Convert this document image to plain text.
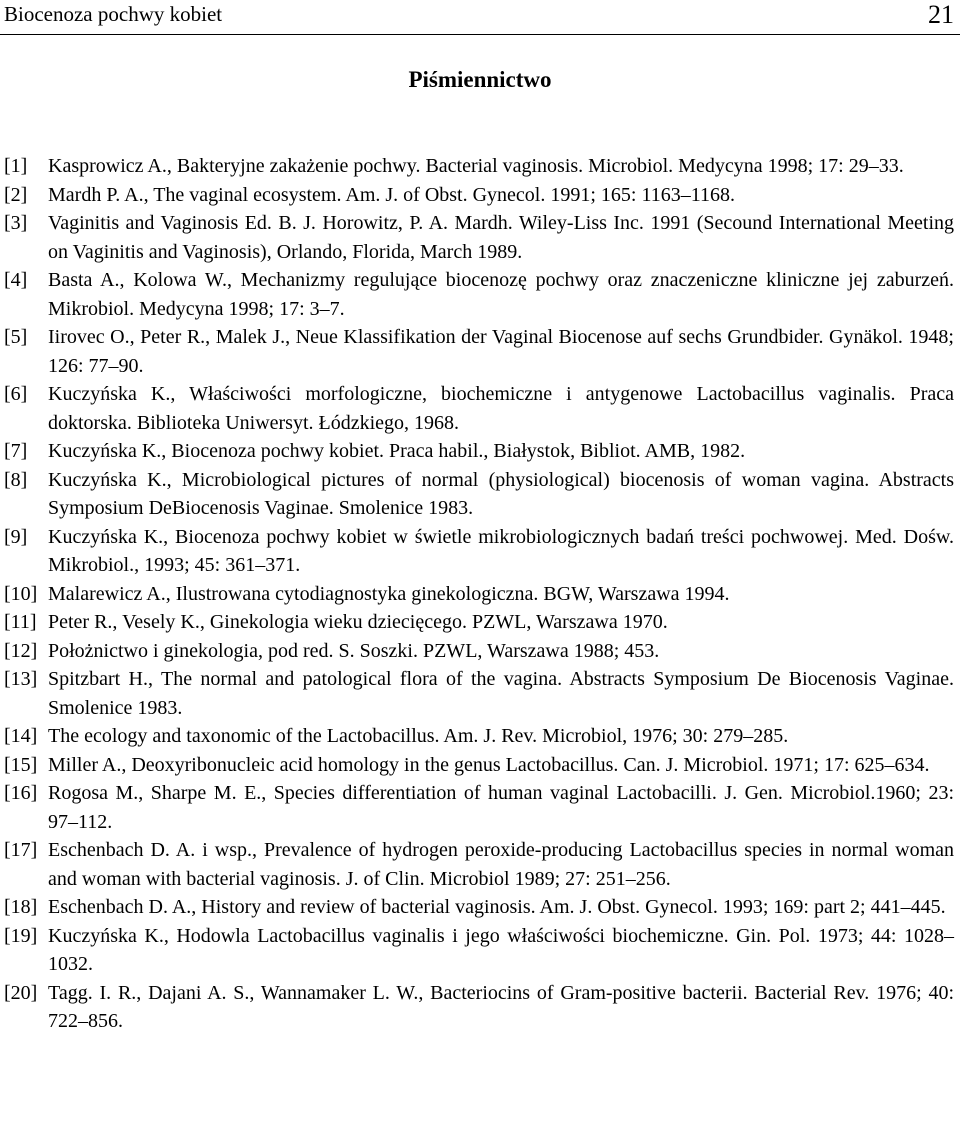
Biocenoza pochwy kobiet	21
Piśmiennictwo
[1] Kasprowicz A., Bakteryjne zakażenie pochwy. Bacterial vaginosis. Microbiol. Medycyna 1998; 17: 29–33.
[2] Mardh P. A., The vaginal ecosystem. Am. J. of Obst. Gynecol. 1991; 165: 1163–1168.
[3] Vaginitis and Vaginosis Ed. B. J. Horowitz, P. A. Mardh. Wiley-Liss Inc. 1991 (Secound International Meeting on Vaginitis and Vaginosis), Orlando, Florida, March 1989.
[4] Basta A., Kolowa W., Mechanizmy regulujące biocenozę pochwy oraz znaczeniczne kliniczne jej zaburzeń. Mikrobiol. Medycyna 1998; 17: 3–7.
[5] Iirovec O., Peter R., Malek J., Neue Klassifikation der Vaginal Biocenose auf sechs Grundbider. Gynäkol. 1948; 126: 77–90.
[6] Kuczyńska K., Właściwości morfologiczne, biochemiczne i antygenowe Lactobacillus vaginalis. Praca doktorska. Biblioteka Uniwersyt. Łódzkiego, 1968.
[7] Kuczyńska K., Biocenoza pochwy kobiet. Praca habil., Białystok, Bibliot. AMB, 1982.
[8] Kuczyńska K., Microbiological pictures of normal (physiological) biocenosis of woman vagina. Abstracts Symposium DeBiocenosis Vaginae. Smolenice 1983.
[9] Kuczyńska K., Biocenoza pochwy kobiet w świetle mikrobiologicznych badań treści pochwowej. Med. Dośw. Mikrobiol., 1993; 45: 361–371.
[10] Malarewicz A., Ilustrowana cytodiagnostyka ginekologiczna. BGW, Warszawa 1994.
[11] Peter R., Vesely K., Ginekologia wieku dziecięcego. PZWL, Warszawa 1970.
[12] Położnictwo i ginekologia, pod red. S. Soszki. PZWL, Warszawa 1988; 453.
[13] Spitzbart H., The normal and patological flora of the vagina. Abstracts Symposium De Biocenosis Vaginae. Smolenice 1983.
[14] The ecology and taxonomic of the Lactobacillus. Am. J. Rev. Microbiol, 1976; 30: 279–285.
[15] Miller A., Deoxyribonucleic acid homology in the genus Lactobacillus. Can. J. Microbiol. 1971; 17: 625–634.
[16] Rogosa M., Sharpe M. E., Species differentiation of human vaginal Lactobacilli. J. Gen. Microbiol.1960; 23: 97–112.
[17] Eschenbach D. A. i wsp., Prevalence of hydrogen peroxide-producing Lactobacillus species in normal woman and woman with bacterial vaginosis. J. of Clin. Microbiol 1989; 27: 251–256.
[18] Eschenbach D. A., History and review of bacterial vaginosis. Am. J. Obst. Gynecol. 1993; 169: part 2; 441–445.
[19] Kuczyńska K., Hodowla Lactobacillus vaginalis i jego właściwości biochemiczne. Gin. Pol. 1973; 44: 1028–1032.
[20] Tagg. I. R., Dajani A. S., Wannamaker L. W., Bacteriocins of Gram-positive bacterii. Bacterial Rev. 1976; 40: 722–856.
